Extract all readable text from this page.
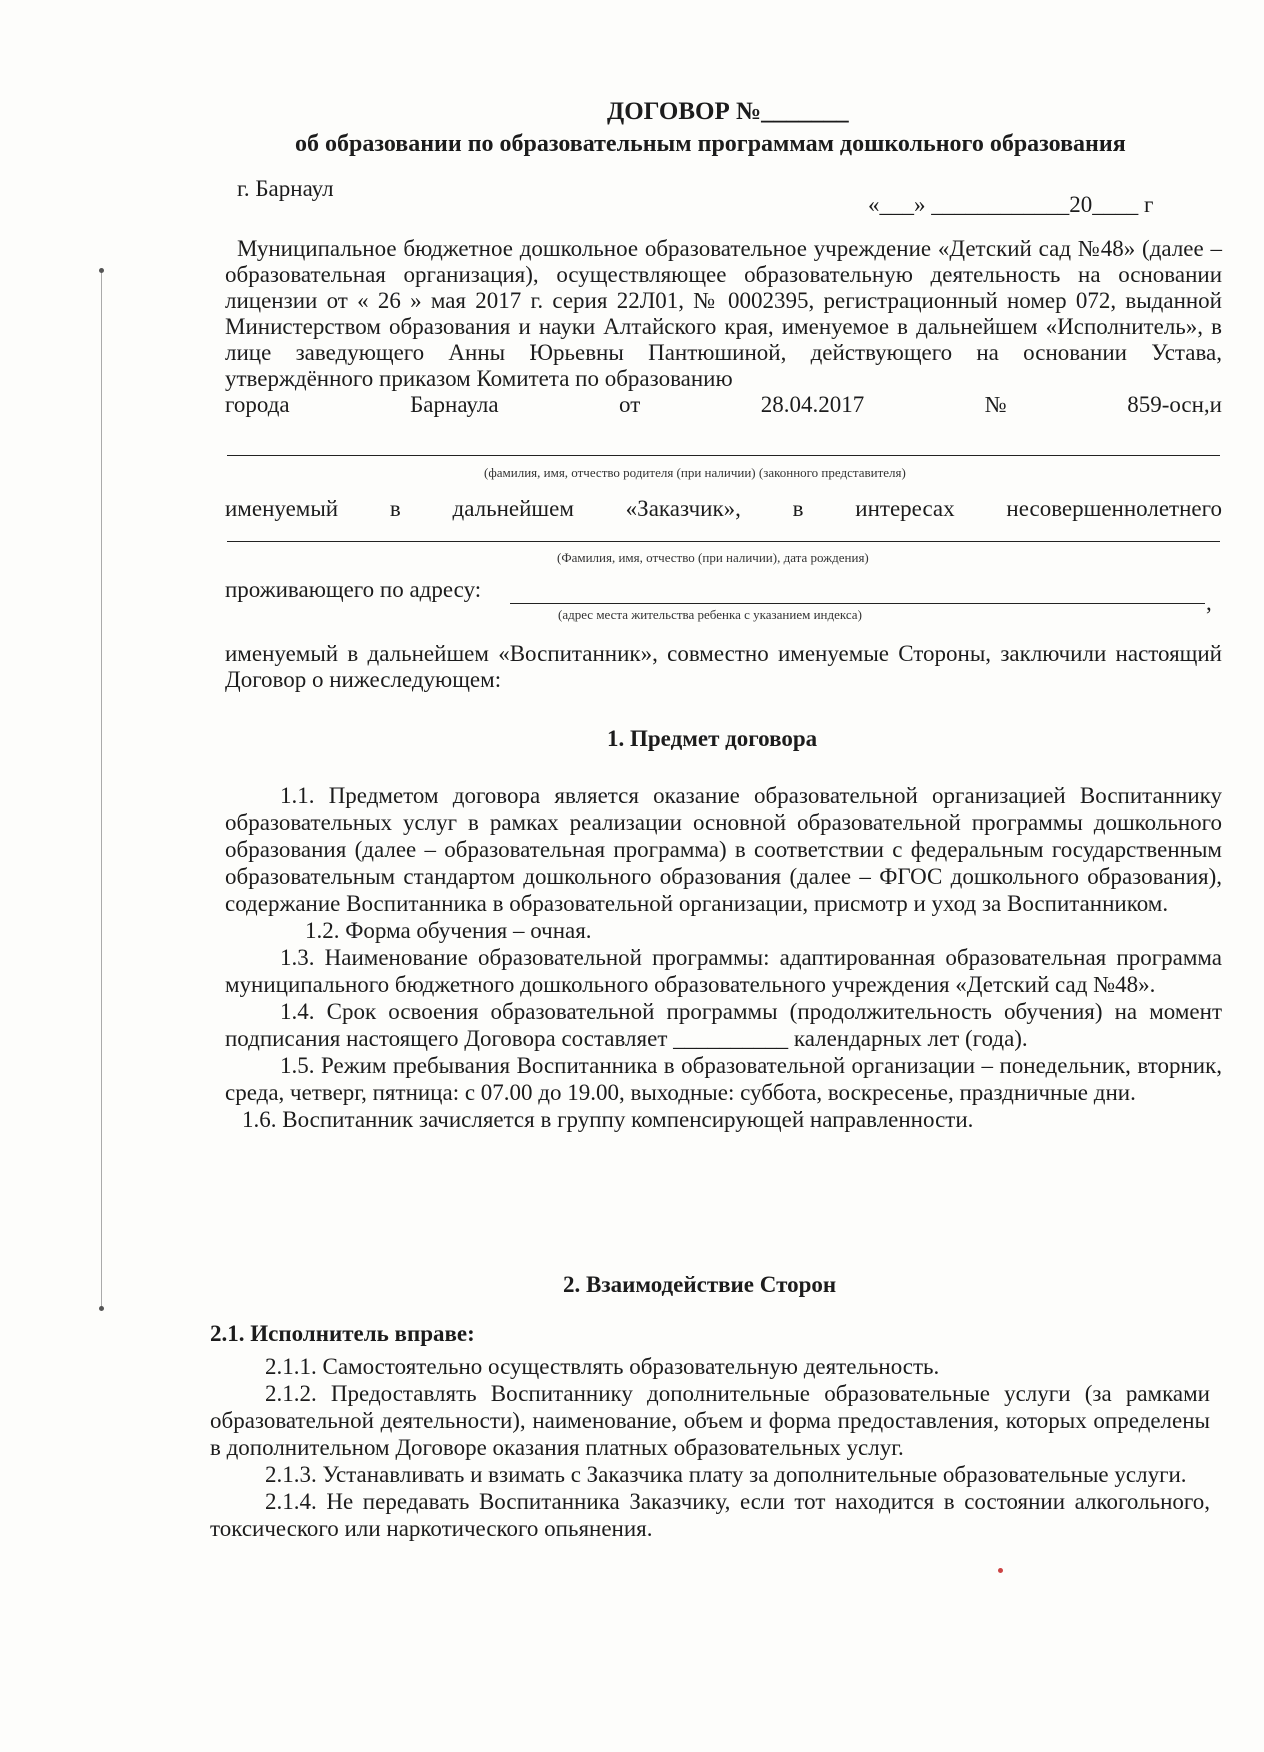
ДОГОВОР №_______
об образовании по образовательным программам дошкольного образования
г. Барнаул
«___» ____________20____ г

Муниципальное бюджетное дошкольное образовательное учреждение «Детский сад №48» (далее – образовательная организация), осуществляющее образовательную деятельность на основании лицензии от « 26 » мая 2017 г. серия 22Л01, № 0002395, регистрационный номер 072, выданной Министерством образования и науки Алтайского края, именуемое в дальнейшем «Исполнитель», в лице заведующего Анны Юрьевны Пантюшиной, действующего на основании Устава, утверждённого приказом Комитета по образованию

города	Барнаула	от	28.04.2017	№	859-осн,и
(фамилия, имя, отчество родителя (при наличии) (законного представителя)
именуемый в дальнейшем «Заказчик», в интересах несовершеннолетнего
(Фамилия, имя, отчество (при наличии), дата рождения)
проживающего по адресу:
,
(адрес места жительства ребенка с указанием индекса)
именуемый в дальнейшем «Воспитанник», совместно именуемые Стороны, заключили настоящий Договор о нижеследующем:
1. Предмет договора

1.1. Предметом договора является оказание образовательной организацией Воспитаннику образовательных услуг в рамках реализации основной образовательной программы дошкольного образования (далее – образовательная программа) в соответствии с федеральным государственным образовательным стандартом дошкольного образования (далее – ФГОС дошкольного образования), содержание Воспитанника в образовательной организации, присмотр и уход за Воспитанником.

1.2. Форма обучения – очная.

1.3. Наименование образовательной программы: адаптированная образовательная программа муниципального бюджетного дошкольного образовательного учреждения «Детский сад №48».

1.4. Срок освоения образовательной программы (продолжительность обучения) на момент подписания настоящего Договора составляет __________ календарных лет (года).

1.5. Режим пребывания Воспитанника в образовательной организации – понедельник, вторник, среда, четверг, пятница: с 07.00 до 19.00, выходные: суббота, воскресенье, праздничные дни.

1.6. Воспитанник зачисляется в группу компенсирующей направленности.

2. Взаимодействие Сторон
2.1. Исполнитель вправе:

2.1.1. Самостоятельно осуществлять образовательную деятельность.

2.1.2. Предоставлять Воспитаннику дополнительные образовательные услуги (за рамками образовательной деятельности), наименование, объем и форма предоставления, которых определены в дополнительном Договоре оказания платных образовательных услуг.

2.1.3. Устанавливать и взимать с Заказчика плату за дополнительные образовательные услуги.

2.1.4. Не передавать Воспитанника Заказчику, если тот находится в состоянии алкогольного, токсического или наркотического опьянения.
